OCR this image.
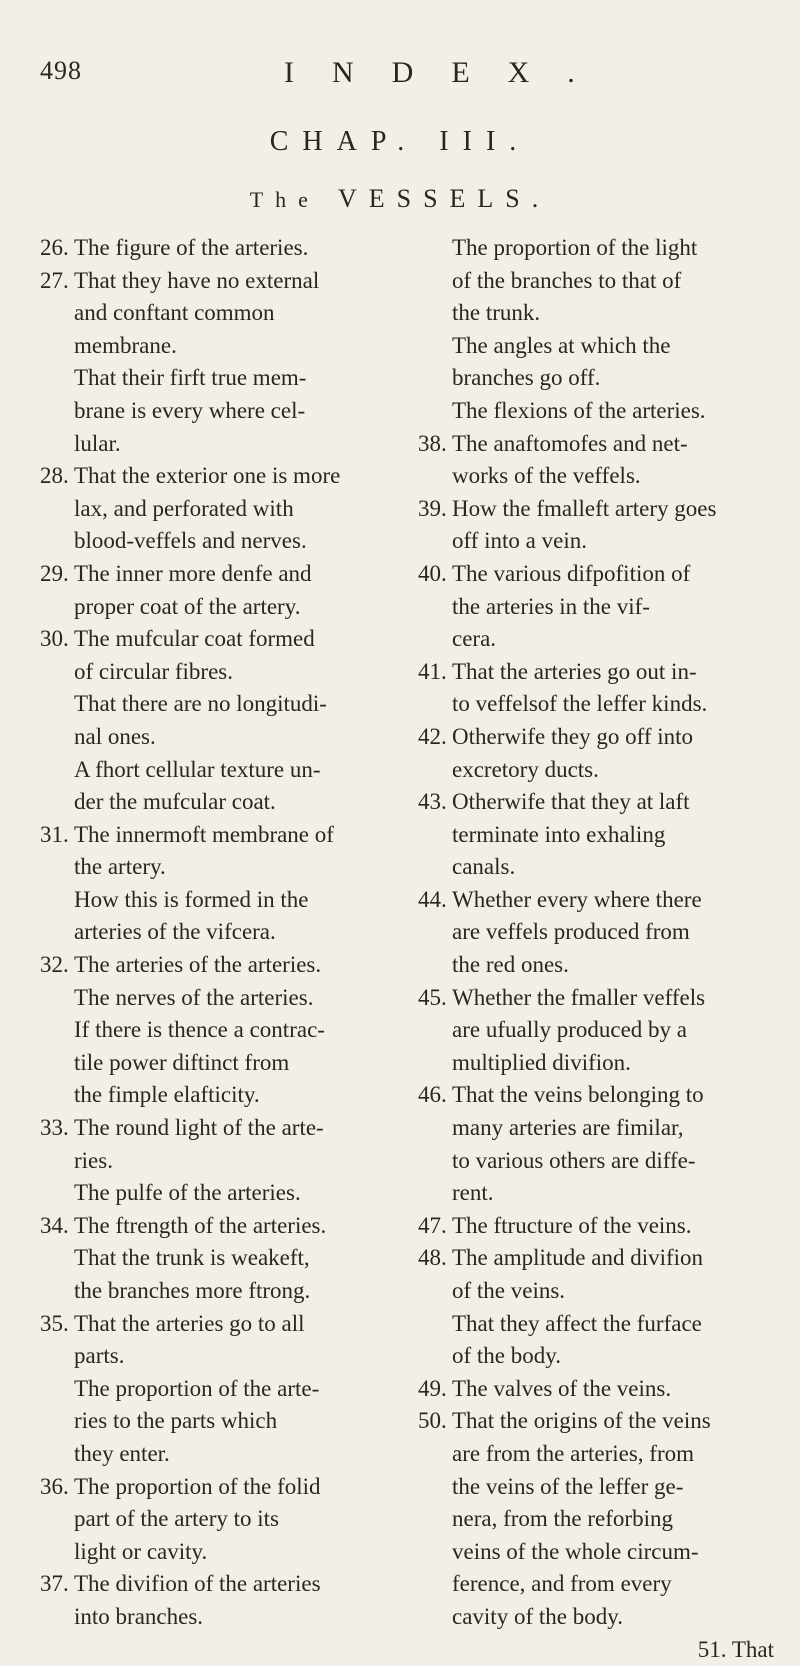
498	INDEX.
CHAP. III.
The VESSELS.
26. The figure of the arteries.
27. That they have no external
and conftant common
membrane.
That their firft true mem-
brane is every where cel-
lular.
28. That the exterior one is more
lax, and perforated with
blood-veffels and nerves.
29. The inner more denfe and
proper coat of the artery.
30. The mufcular coat formed
of circular fibres.
That there are no longitudi-
nal ones.
A fhort cellular texture un-
der the mufcular coat.
31. The innermoft membrane of
the artery.
How this is formed in the
arteries of the vifcera.
32. The arteries of the arteries.
The nerves of the arteries.
If there is thence a contrac-
tile power diftinct from
the fimple elafticity.
33. The round light of the arte-
ries.
The pulfe of the arteries.
34. The ftrength of the arteries.
That the trunk is weakeft,
the branches more ftrong.
35. That the arteries go to all
parts.
The proportion of the arte-
ries to the parts which
they enter.
36. The proportion of the folid
part of the artery to its
light or cavity.
37. The divifion of the arteries
into branches.
The proportion of the light
of the branches to that of
the trunk.
The angles at which the
branches go off.
The flexions of the arteries.
38. The anaftomofes and net-
works of the veffels.
39. How the fmalleft artery goes
off into a vein.
40. The various difpofition of
the arteries in the vif-
cera.
41. That the arteries go out in-
to veffelsof the leffer kinds.
42. Otherwife they go off into
excretory ducts.
43. Otherwife that they at laft
terminate into exhaling
canals.
44. Whether every where there
are veffels produced from
the red ones.
45. Whether the fmaller veffels
are ufually produced by a
multiplied divifion.
46. That the veins belonging to
many arteries are fimilar,
to various others are diffe-
rent.
47. The ftructure of the veins.
48. The amplitude and divifion
of the veins.
That they affect the furface
of the body.
49. The valves of the veins.
50. That the origins of the veins
are from the arteries, from
the veins of the leffer ge-
nera, from the reforbing
veins of the whole circum-
ference, and from every
cavity of the body.
51. That
